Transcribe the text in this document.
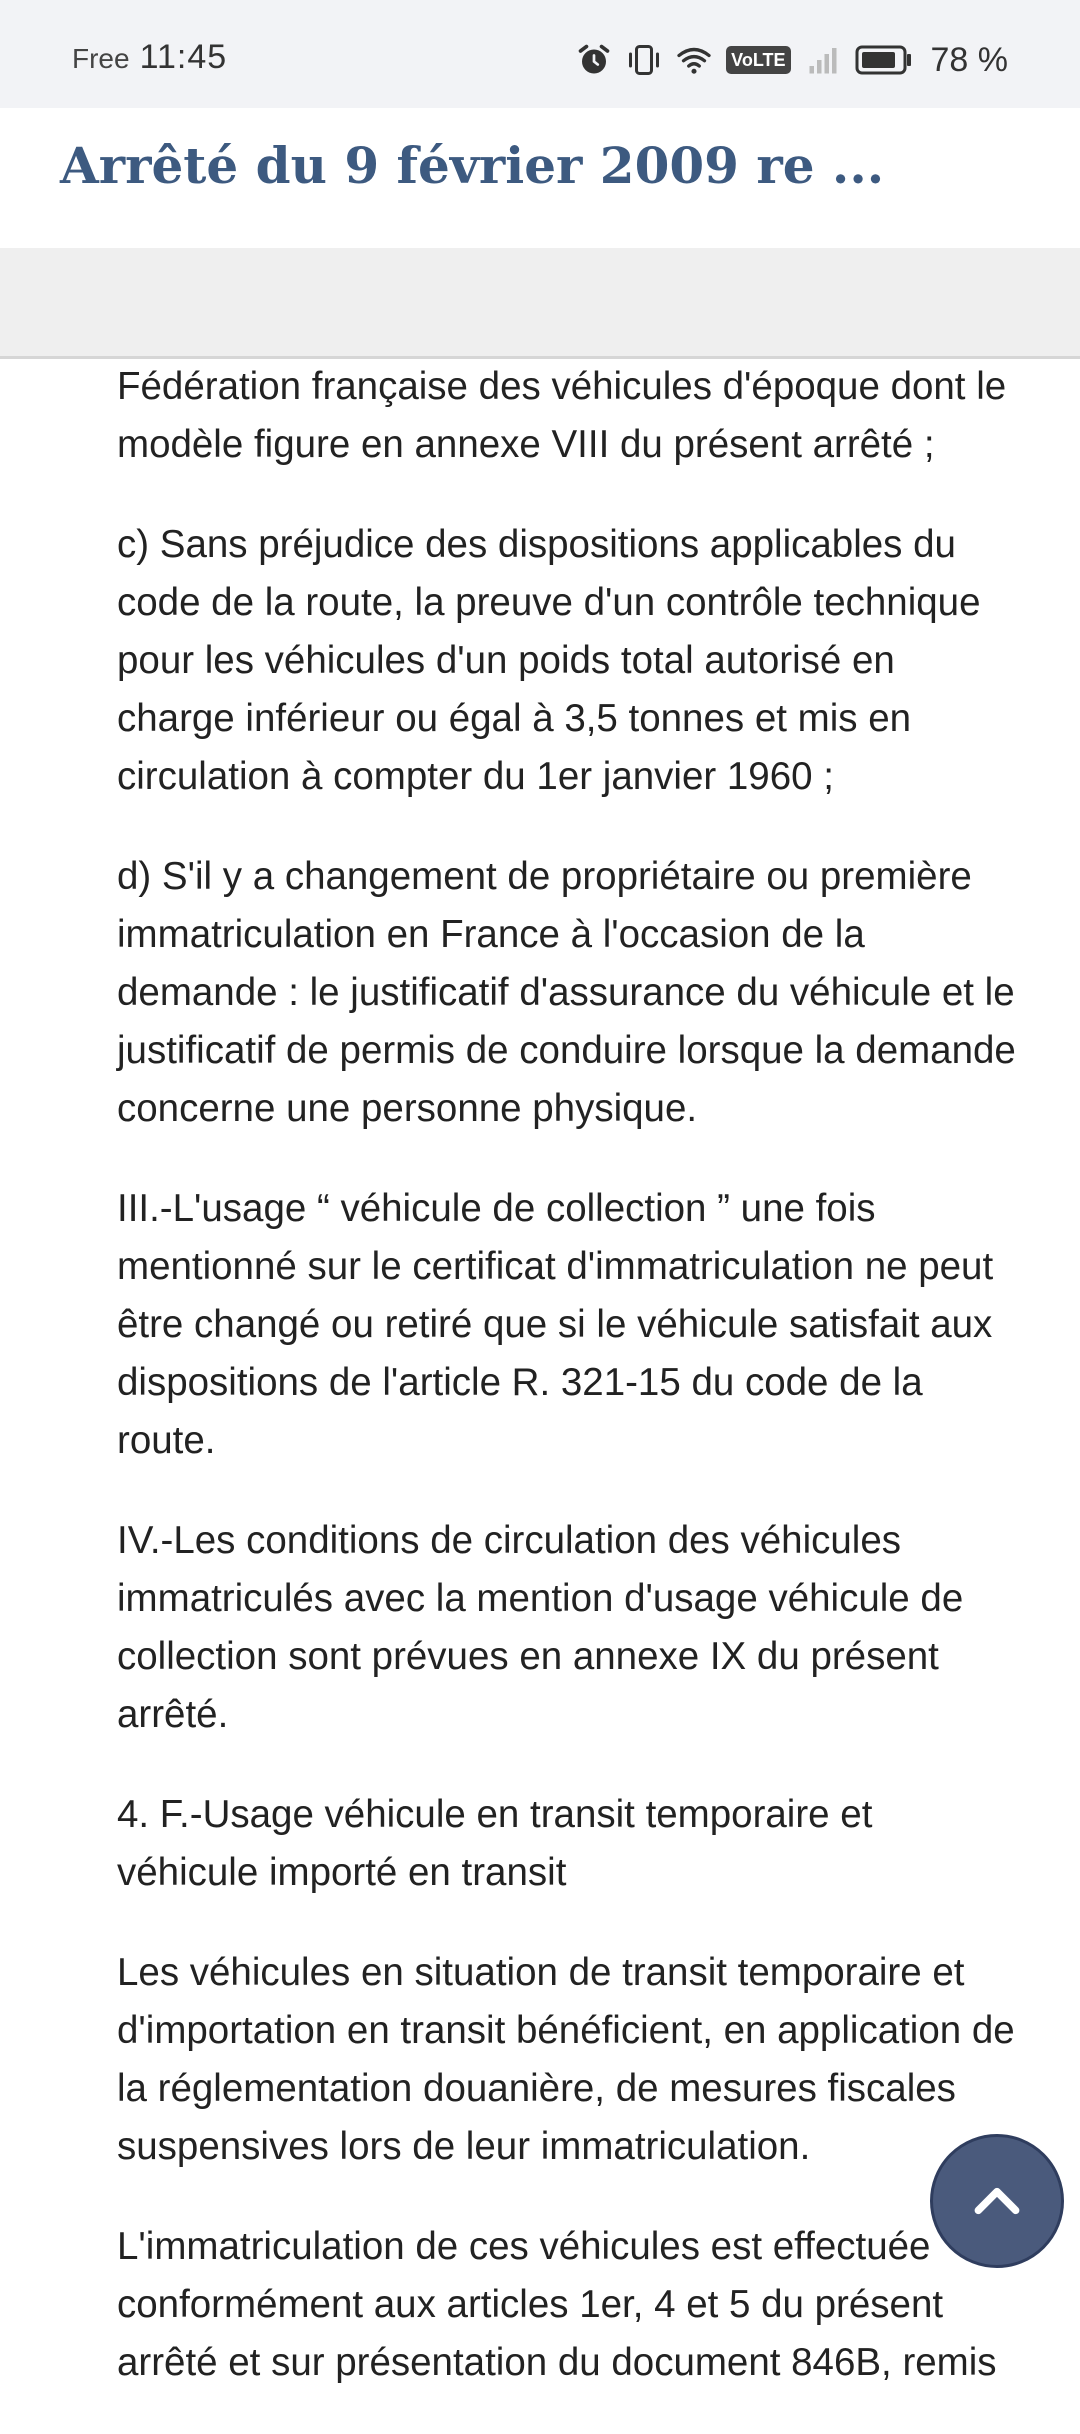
Free 11:45	VoLTE	78 %
Arrêté du 9 février 2009 re ...

Fédération française des véhicules d'époque dont le modèle figure en annexe VIII du présent arrêté ;

c) Sans préjudice des dispositions applicables du code de la route, la preuve d'un contrôle technique pour les véhicules d'un poids total autorisé en charge inférieur ou égal à 3,5 tonnes et mis en circulation à compter du 1er janvier 1960 ;

d) S'il y a changement de propriétaire ou première immatriculation en France à l'occasion de la demande : le justificatif d'assurance du véhicule et le justificatif de permis de conduire lorsque la demande concerne une personne physique.

III.-L'usage “ véhicule de collection ” une fois mentionné sur le certificat d'immatriculation ne peut être changé ou retiré que si le véhicule satisfait aux dispositions de l'article R. 321-15 du code de la route.

IV.-Les conditions de circulation des véhicules immatriculés avec la mention d'usage véhicule de collection sont prévues en annexe IX du présent arrêté.

4. F.-Usage véhicule en transit temporaire et véhicule importé en transit

Les véhicules en situation de transit temporaire et d'importation en transit bénéficient, en application de la réglementation douanière, de mesures fiscales suspensives lors de leur immatriculation.

L'immatriculation de ces véhicules est effectuée conformément aux articles 1er, 4 et 5 du présent arrêté et sur présentation du document 846B, remis
